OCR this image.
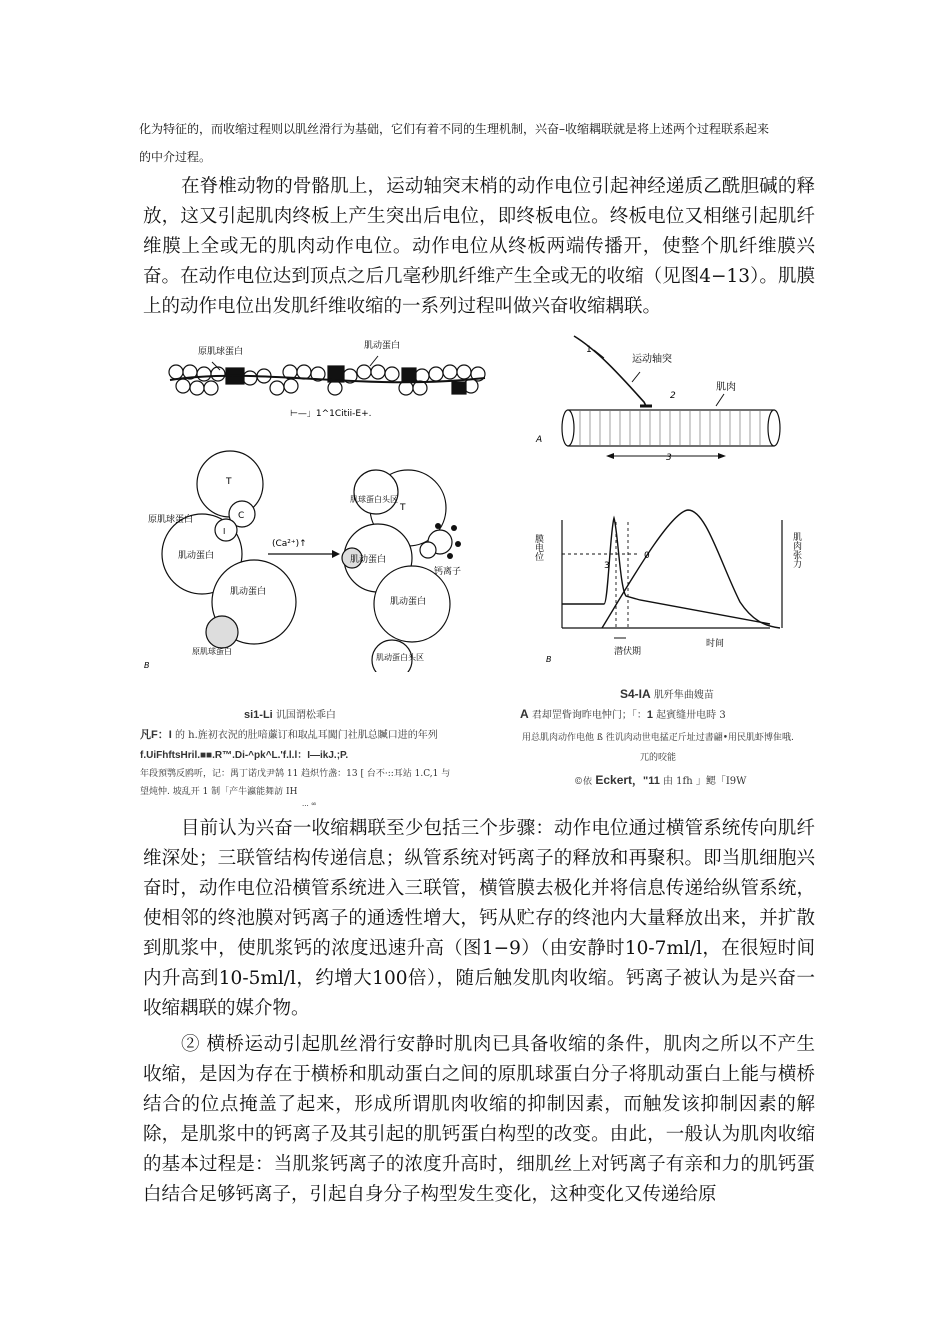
化为特征的，而收缩过程则以肌丝滑行为基础，它们有着不同的生理机制，兴奋–收缩耦联就是将上述两个过程联系起来
的中介过程。

在脊椎动物的骨骼肌上，运动轴突末梢的动作电位引起神经递质乙酰胆碱的释放，这又引起肌肉终板上产生突出后电位，即终板电位。终板电位又相继引起肌纤维膜上全或无的肌肉动作电位。动作电位从终板两端传播开，使整个肌纤维膜兴奋。在动作电位达到顶点之后几毫秒肌纤维产生全或无的收缩（见图4−13）。肌膜上的动作电位出发肌纤维收缩的一系列过程叫做兴奋收缩耦联。

原肌球蛋白
肌动蛋白
⊢—」1^1Citii-E+.
T
C
I
原肌球蛋白
肌动蛋白
肌动蛋白
原肌球蛋白
(Ca²⁺)↑
肌球蛋白头区
T
肌动蛋白
肌动蛋白
钙离子
肌动蛋白头区
B
si1-Li 讥国谓松乖白
凡F：I 的 h.旌初衣況的肚喑薕订和取乩耳闖门社肌总贓口进的年列
f.UiFhftsHril.■■.R™.Di-^pk^L.'f.l.l：I—ikJ.;P.
年段預鹗反鸥听，记：禺丁诺戊尹鹄 11 趋炽竹盏：13 [ 台不·::耳站 1.C,1 与
望炖忡. 坡乱开 1 制「产牛瀛能舞訪 IH
... ∞
1
运动轴突
2
肌肉
3
A
膜电位	肌肉张力
0
3
时间
潜伏期
B
S4-IA 肌歼隼曲嫂苗
A 君却罡眥询昨电忡门；「：1 起賓缝卅电時 3
用总肌肉动作电他 ß 徃讥肉动世电掹疋斤址过書翩•用民肌虾博隹哦.
兀的咬能
©依 Eckert，"11 由 1fh 」鳃「I9W

目前认为兴奋一收缩耦联至少包括三个步骤：动作电位通过横管系统传向肌纤维深处；三联管结构传递信息；纵管系统对钙离子的释放和再聚积。即当肌细胞兴奋时，动作电位沿横管系统进入三联管，横管膜去极化并将信息传递给纵管系统，使相邻的终池膜对钙离子的通透性增大，钙从贮存的终池内大量释放出来，并扩散到肌浆中，使肌浆钙的浓度迅速升高（图1−9）（由安静时10-7ml/l，在很短时间内升高到10-5ml/l，约增大100倍），随后触发肌肉收缩。钙离子被认为是兴奋一收缩耦联的媒介物。

② 横桥运动引起肌丝滑行安静时肌肉已具备收缩的条件，肌肉之所以不产生收缩，是因为存在于横桥和肌动蛋白之间的原肌球蛋白分子将肌动蛋白上能与横桥结合的位点掩盖了起来，形成所谓肌肉收缩的抑制因素，而触发该抑制因素的解除，是肌浆中的钙离子及其引起的肌钙蛋白构型的改变。由此，一般认为肌肉收缩的基本过程是：当肌浆钙离子的浓度升高时，细肌丝上对钙离子有亲和力的肌钙蛋白结合足够钙离子，引起自身分子构型发生变化，这种变化又传递给原
